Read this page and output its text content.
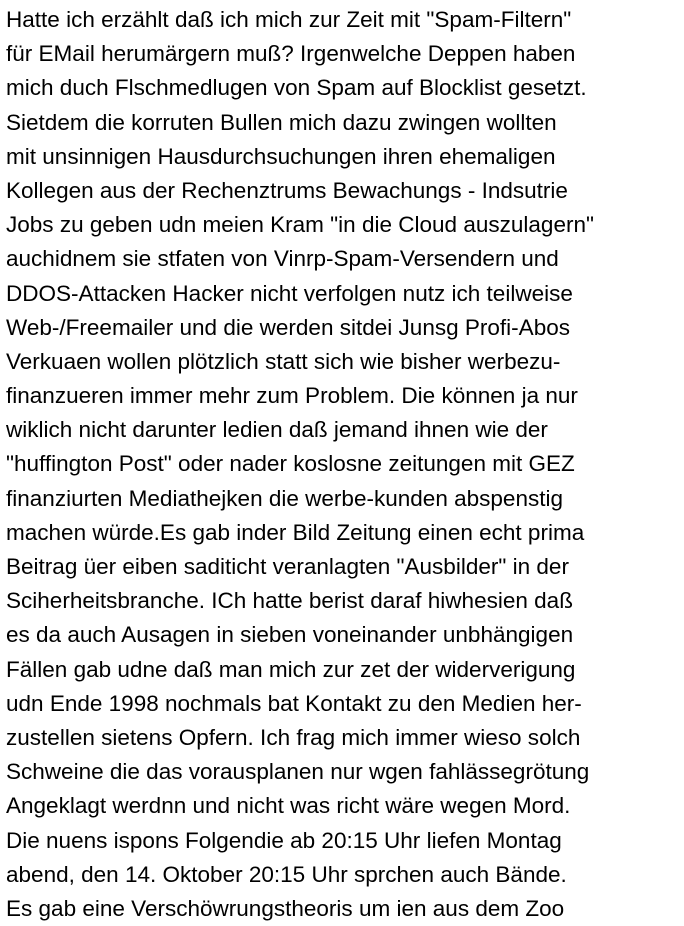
Hatte ich erzählt daß ich mich zur Zeit mit "Spam-Filtern"
für EMail herumärgern muß? Irgenwelche Deppen haben
mich duch Flschmedlugen von Spam auf Blocklist gesetzt.
Sietdem die korruten Bullen mich dazu zwingen wollten
mit unsinnigen Hausdurchsuchungen ihren ehemaligen
Kollegen aus der Rechenztrums Bewachungs - Indsutrie
Jobs zu geben udn meien Kram "in die Cloud auszulagern"
auchidnem sie stfaten von Vinrp-Spam-Versendern und
DDOS-Attacken Hacker nicht verfolgen nutz ich teilweise
Web-/Freemailer und die werden sitdei Junsg Profi-Abos
Verkuaen wollen plötzlich statt sich wie bisher werbezu-
finanzueren immer mehr zum Problem. Die können ja nur
wiklich nicht darunter ledien daß jemand ihnen wie der
"huffington Post" oder nader koslosne zeitungen mit GEZ
finanziurten Mediathejken die werbe-kunden abspenstig
machen würde.Es gab inder Bild Zeitung einen echt prima
Beitrag üer eiben saditicht veranlagten "Ausbilder" in der
Sciherheitsbranche. ICh hatte berist daraf hiwhesien daß
es da auch Ausagen in sieben voneinander unbhängigen
Fällen gab udne daß man mich zur zet der widerverigung
udn Ende 1998 nochmals bat Kontakt zu den Medien her-
zustellen sietens Opfern. Ich frag mich immer wieso solch
Schweine die das vorausplanen nur wgen fahlässegrötung
Angeklagt werdnn und nicht was richt wäre wegen Mord.
Die nuens ispons Folgendie ab 20:15 Uhr liefen Montag
abend, den 14. Oktober 20:15 Uhr sprchen auch Bände.
Es gab eine Verschöwrungstheoris um ien aus dem Zoo
